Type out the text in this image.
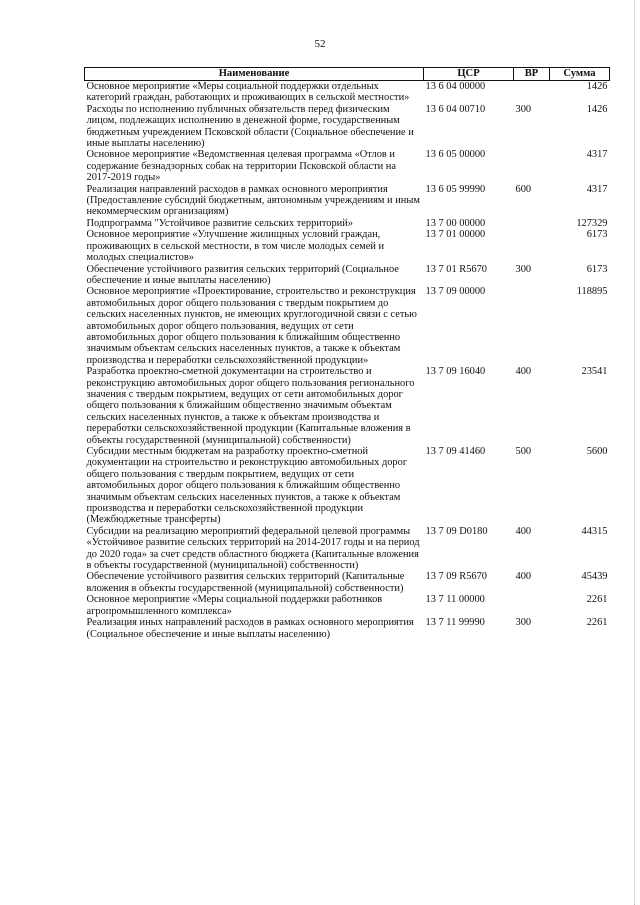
52
Наименование	ЦСР	ВР	Сумма
Основное мероприятие «Меры социальной поддержки отдельных категорий граждан, работающих и проживающих в сельской местности»	13 6 04 00000		1426
Расходы по исполнению публичных обязательств перед физическим лицом, подлежащих исполнению в денежной форме, государственным бюджетным учреждением Псковской области (Социальное обеспечение и иные выплаты населению)	13 6 04 00710	300	1426
Основное мероприятие «Ведомственная целевая программа «Отлов и содержание безнадзорных собак на территории Псковской области на 2017-2019 годы»	13 6 05 00000		4317
Реализация направлений расходов в рамках основного мероприятия (Предоставление субсидий бюджетным, автономным учреждениям и иным некоммерческим организациям)	13 6 05 99990	600	4317
Подпрограмма "Устойчивое развитие сельских территорий»	13 7 00 00000		127329
Основное мероприятие «Улучшение жилищных условий граждан, проживающих в сельской местности, в том числе молодых семей и молодых специалистов»	13 7 01 00000		6173
Обеспечение устойчивого развития сельских территорий (Социальное обеспечение и иные выплаты населению)	13 7 01 R5670	300	6173
Основное мероприятие «Проектирование, строительство и реконструкция автомобильных дорог общего пользования с твердым покрытием до сельских населенных пунктов, не имеющих круглогодичной связи с сетью автомобильных дорог общего пользования, ведущих от сети автомобильных дорог общего пользования к ближайшим общественно значимым объектам сельских населенных пунктов, а также к объектам производства и переработки сельскохозяйственной продукции»	13 7 09 00000		118895
Разработка проектно-сметной документации на строительство и реконструкцию автомобильных дорог общего пользования регионального значения с твердым покрытием, ведущих от сети автомобильных дорог общего пользования к ближайшим общественно значимым объектам сельских населенных пунктов, а также к объектам производства и переработки сельскохозяйственной продукции (Капитальные вложения в объекты государственной (муниципальной) собственности)	13 7 09 16040	400	23541
Субсидии местным бюджетам на разработку проектно-сметной документации на строительство и реконструкцию автомобильных дорог общего пользования с твердым покрытием, ведущих от сети автомобильных дорог общего пользования к ближайшим общественно значимым объектам сельских населенных пунктов, а также к объектам производства и переработки сельскохозяйственной продукции (Межбюджетные трансферты)	13 7 09 41460	500	5600
Субсидии на реализацию мероприятий федеральной целевой программы «Устойчивое развитие сельских территорий на 2014-2017 годы и на период до 2020 года» за счет средств областного бюджета (Капитальные вложения в объекты государственной (муниципальной) собственности)	13 7 09 D0180	400	44315
Обеспечение устойчивого развития сельских территорий (Капитальные вложения в объекты государственной (муниципальной) собственности)	13 7 09 R5670	400	45439
Основное мероприятие «Меры социальной поддержки работников агропромышленного комплекса»	13 7 11 00000		2261
Реализация иных направлений расходов в рамках основного мероприятия (Социальное обеспечение и иные выплаты населению)	13 7 11 99990	300	2261
